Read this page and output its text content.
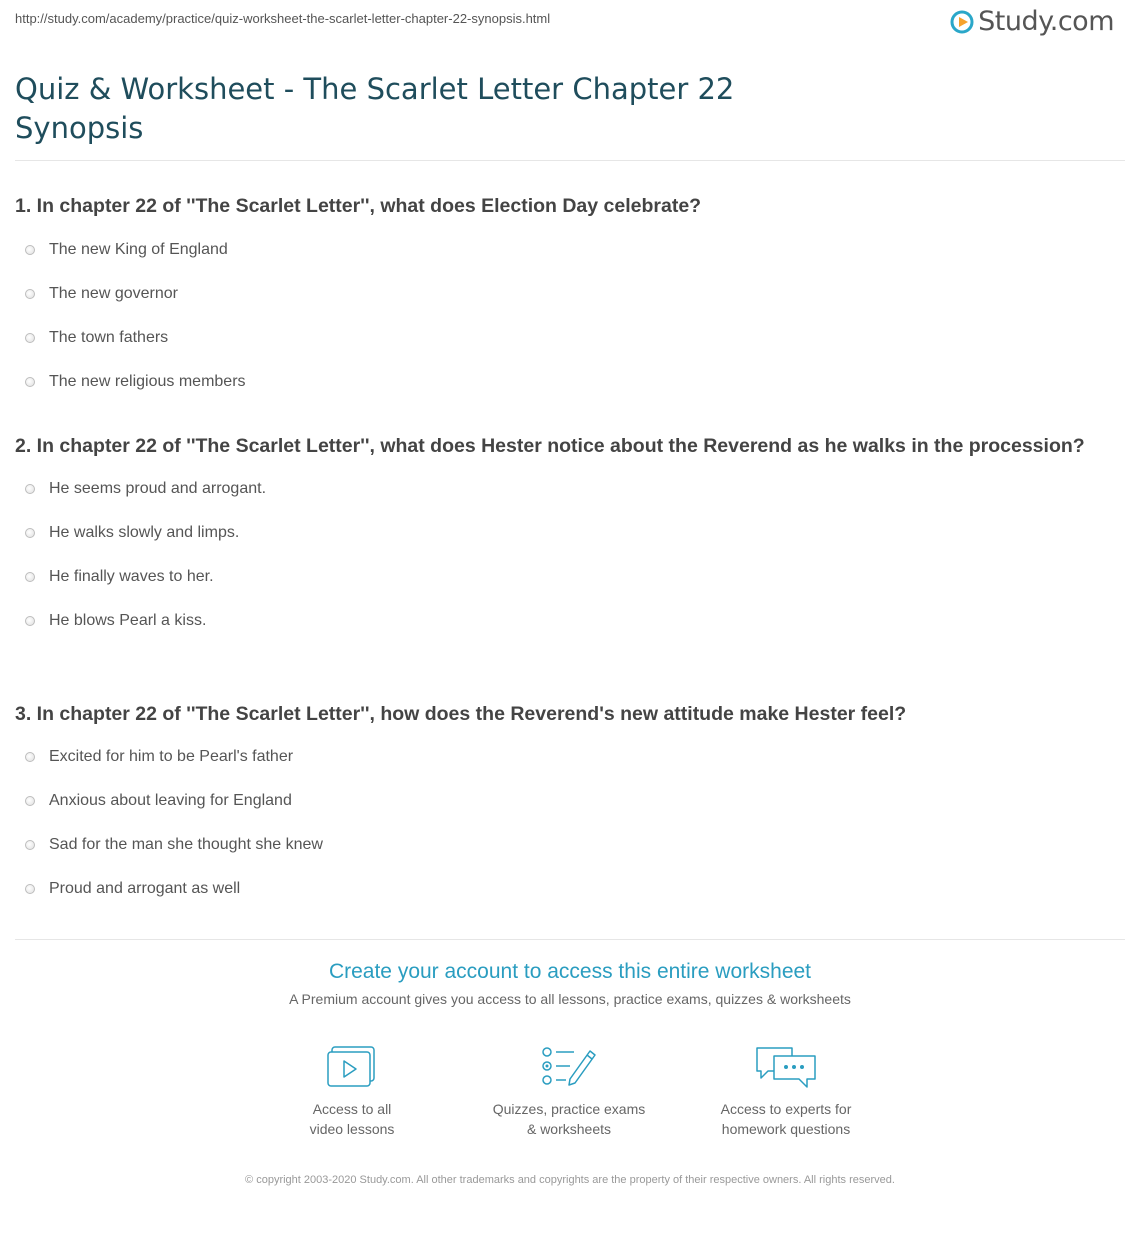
http://study.com/academy/practice/quiz-worksheet-the-scarlet-letter-chapter-22-synopsis.html	Study.com
Quiz & Worksheet - The Scarlet Letter Chapter 22 Synopsis

1. In chapter 22 of ''The Scarlet Letter'', what does Election Day celebrate?

The new King of England
The new governor
The town fathers
The new religious members

2. In chapter 22 of ''The Scarlet Letter'', what does Hester notice about the Reverend as he walks in the procession?

He seems proud and arrogant.
He walks slowly and limps.
He finally waves to her.
He blows Pearl a kiss.

3. In chapter 22 of ''The Scarlet Letter'', how does the Reverend's new attitude make Hester feel?

Excited for him to be Pearl's father
Anxious about leaving for England
Sad for the man she thought she knew
Proud and arrogant as well
Create your account to access this entire worksheet
A Premium account gives you access to all lessons, practice exams, quizzes & worksheets
Access to all
video lessons
Quizzes, practice exams
& worksheets
Access to experts for
homework questions
© copyright 2003-2020 Study.com. All other trademarks and copyrights are the property of their respective owners. All rights reserved.
